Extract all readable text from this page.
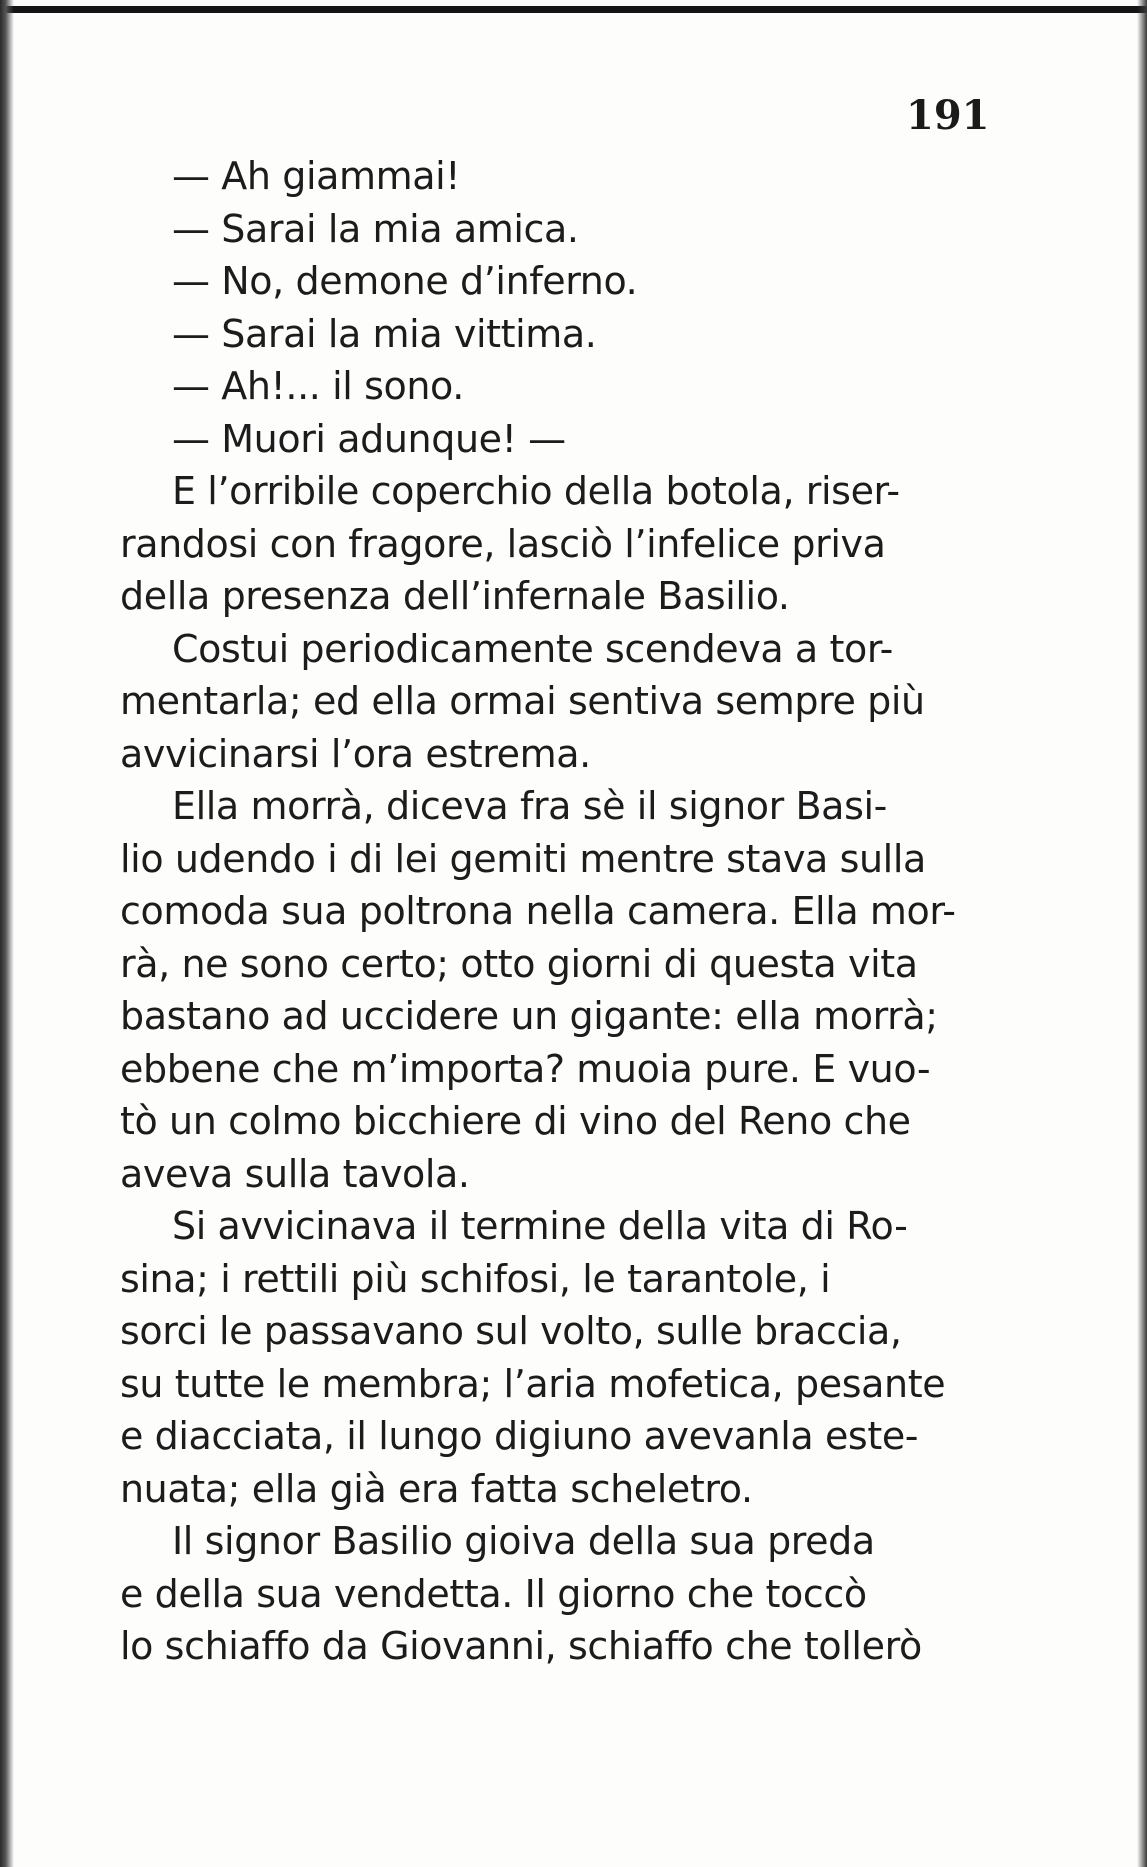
191
— Ah giammai!
— Sarai la mia amica.
— No, demone d’inferno.
— Sarai la mia vittima.
— Ah!... il sono.
— Muori adunque! —
E l’orribile coperchio della botola, riser-
randosi con fragore, lasciò l’infelice priva
della presenza dell’infernale Basilio.
Costui periodicamente scendeva a tor-
mentarla; ed ella ormai sentiva sempre più
avvicinarsi l’ora estrema.
Ella morrà, diceva fra sè il signor Basi-
lio udendo i di lei gemiti mentre stava sulla
comoda sua poltrona nella camera. Ella mor-
rà, ne sono certo; otto giorni di questa vita
bastano ad uccidere un gigante: ella morrà;
ebbene che m’importa? muoia pure. E vuo-
tò un colmo bicchiere di vino del Reno che
aveva sulla tavola.
Si avvicinava il termine della vita di Ro-
sina; i rettili più schifosi, le tarantole, i
sorci le passavano sul volto, sulle braccia,
su tutte le membra; l’aria mofetica, pesante
e diacciata, il lungo digiuno avevanla este-
nuata; ella già era fatta scheletro.
Il signor Basilio gioiva della sua preda
e della sua vendetta. Il giorno che toccò
lo schiaffo da Giovanni, schiaffo che tollerò
